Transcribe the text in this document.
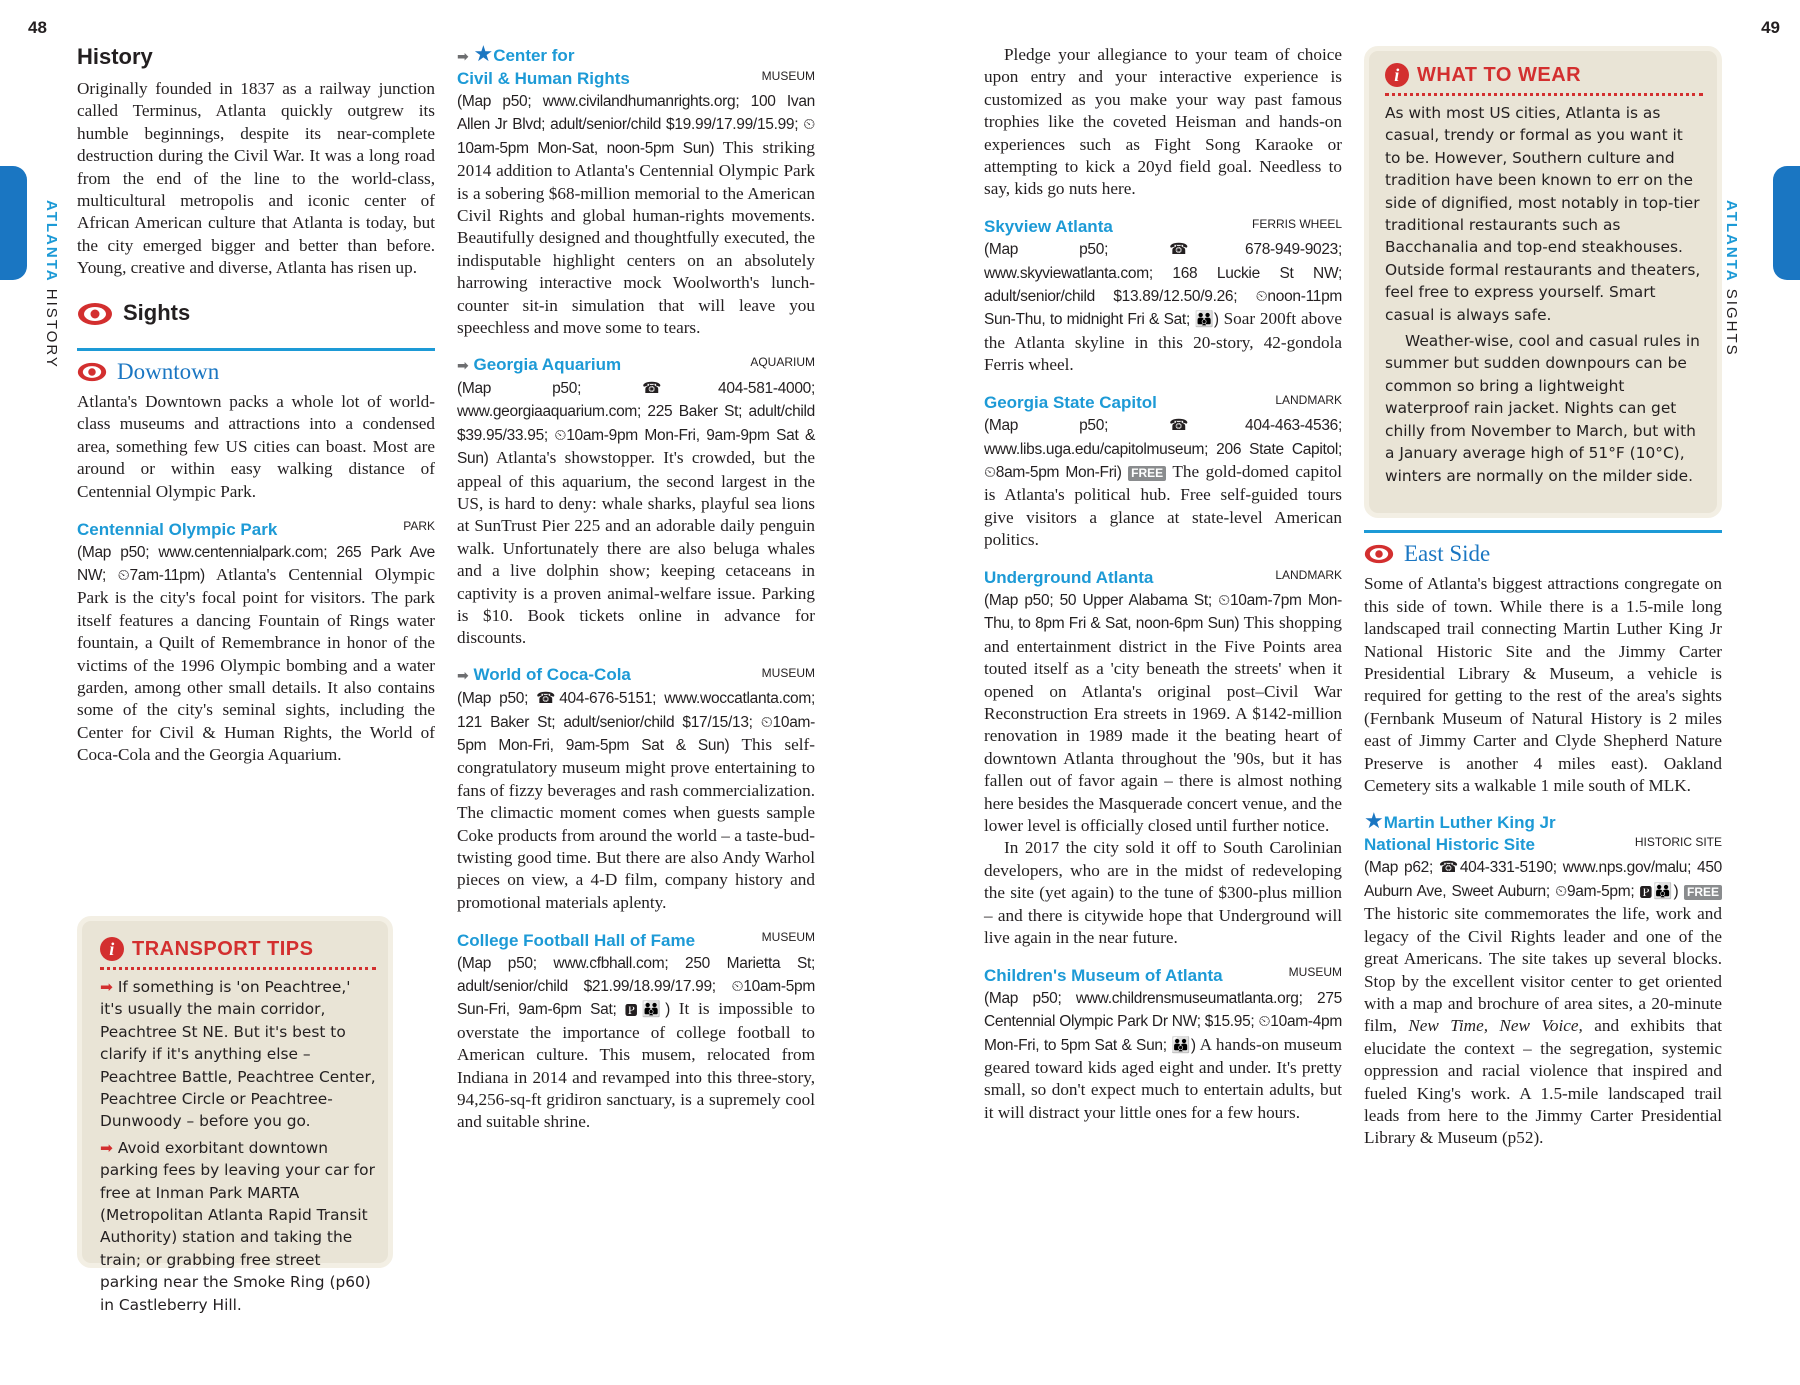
48	49
ATLANTA HISTORY
ATLANTA SIGHTS
History

Originally founded in 1837 as a railway junction called Terminus, Atlanta quickly outgrew its humble beginnings, despite its near-complete destruction during the Civil War. It was a long road from the end of the line to the world-class, multicultural metropolis and iconic center of African American culture that Atlanta is today, but the city emerged bigger and better than before. Young, creative and diverse, Atlanta has risen up.

Sights
Downtown

Atlanta's Downtown packs a whole lot of world-class museums and attractions into a condensed area, something few US cities can boast. Most are around or within easy walking distance of Centennial Olympic Park.

Centennial Olympic Park	PARK

(Map p50; www.centennialpark.com; 265 Park Ave NW; ⏲7am-11pm) Atlanta's Centennial Olympic Park is the city's focal point for visitors. The park itself features a dancing Fountain of Rings water fountain, a Quilt of Remembrance in honor of the victims of the 1996 Olympic bombing and a water garden, among other small details. It also contains some of the city's seminal sights, including the Center for Civil & Human Rights, the World of Coca-Cola and the Georgia Aquarium.

i TRANSPORT TIPS

➡ If something is 'on Peachtree,' it's usually the main corridor, Peachtree St NE. But it's best to clarify if it's anything else – Peachtree Battle, Peachtree Center, Peachtree Circle or Peachtree-Dunwoody – before you go.

➡ Avoid exorbitant downtown parking fees by leaving your car for free at Inman Park MARTA (Metropolitan Atlanta Rapid Transit Authority) station and taking the train; or grabbing free street parking near the Smoke Ring (p60) in Castleberry Hill.

➡ ★Center for
Civil & Human Rights	MUSEUM

(Map p50; www.civilandhumanrights.org; 100 Ivan Allen Jr Blvd; adult/senior/child $19.99/17.99/15.99; ⏲10am-5pm Mon-Sat, noon-5pm Sun) This striking 2014 addition to Atlanta's Centennial Olympic Park is a sobering $68-million memorial to the American Civil Rights and global human-rights movements. Beautifully designed and thoughtfully executed, the indisputable highlight centers on an absolutely harrowing interactive mock Woolworth's lunch-counter sit-in simulation that will leave you speechless and move some to tears.

➡ Georgia Aquarium	AQUARIUM

(Map p50; ☎404-581-4000; www.georgiaaquarium.com; 225 Baker St; adult/child $39.95/33.95; ⏲10am-9pm Mon-Fri, 9am-9pm Sat & Sun) Atlanta's showstopper. It's crowded, but the appeal of this aquarium, the second largest in the US, is hard to deny: whale sharks, playful sea lions at SunTrust Pier 225 and an adorable daily penguin walk. Unfortunately there are also beluga whales and a live dolphin show; keeping cetaceans in captivity is a proven animal-welfare issue. Parking is $10. Book tickets online in advance for discounts.

➡ World of Coca-Cola	MUSEUM

(Map p50; ☎404-676-5151; www.woccatlanta.com; 121 Baker St; adult/senior/child $17/15/13; ⏲10am-5pm Mon-Fri, 9am-5pm Sat & Sun) This self-congratulatory museum might prove entertaining to fans of fizzy beverages and rash commercialization. The climactic moment comes when guests sample Coke products from around the world – a taste-bud-twisting good time. But there are also Andy Warhol pieces on view, a 4-D film, company history and promotional materials aplenty.

College Football Hall of Fame	MUSEUM

(Map p50; www.cfbhall.com; 250 Marietta St; adult/senior/child $21.99/18.99/17.99; ⏲10am-5pm Sun-Fri, 9am-6pm Sat; 🅿👪) It is impossible to overstate the importance of college football to American culture. This musem, relocated from Indiana in 2014 and revamped into this three-story, 94,256-sq-ft gridiron sanctuary, is a supremely cool and suitable shrine.

Pledge your allegiance to your team of choice upon entry and your interactive experience is customized as you make your way past famous trophies like the coveted Heisman and hands-on experiences such as Fight Song Karaoke or attempting to kick a 20yd field goal. Needless to say, kids go nuts here.

Skyview Atlanta	FERRIS WHEEL

(Map p50; ☎678-949-9023; www.skyviewatlanta.com; 168 Luckie St NW; adult/senior/child $13.89/12.50/9.26; ⏲noon-11pm Sun-Thu, to midnight Fri & Sat; 👪) Soar 200ft above the Atlanta skyline in this 20-story, 42-gondola Ferris wheel.

Georgia State Capitol	LANDMARK

(Map p50; ☎404-463-4536; www.libs.uga.edu/capitolmuseum; 206 State Capitol; ⏲8am-5pm Mon-Fri) FREE The gold-domed capitol is Atlanta's political hub. Free self-guided tours give visitors a glance at state-level American politics.

Underground Atlanta	LANDMARK

(Map p50; 50 Upper Alabama St; ⏲10am-7pm Mon-Thu, to 8pm Fri & Sat, noon-6pm Sun) This shopping and entertainment district in the Five Points area touted itself as a 'city beneath the streets' when it opened on Atlanta's original post–Civil War Reconstruction Era streets in 1969. A $142-million renovation in 1989 made it the beating heart of downtown Atlanta throughout the '90s, but it has fallen out of favor again – there is almost nothing here besides the Masquerade concert venue, and the lower level is officially closed until further notice.

In 2017 the city sold it off to South Carolinian developers, who are in the midst of redeveloping the site (yet again) to the tune of $300-plus million – and there is citywide hope that Underground will live again in the near future.

Children's Museum of Atlanta	MUSEUM

(Map p50; www.childrensmuseumatlanta.org; 275 Centennial Olympic Park Dr NW; $15.95; ⏲10am-4pm Mon-Fri, to 5pm Sat & Sun; 👪) A hands-on museum geared toward kids aged eight and under. It's pretty small, so don't expect much to entertain adults, but it will distract your little ones for a few hours.

i WHAT TO WEAR

As with most US cities, Atlanta is as casual, trendy or formal as you want it to be. However, Southern culture and tradition have been known to err on the side of dignified, most notably in top-tier traditional restaurants such as Bacchanalia and top-end steakhouses. Outside formal restaurants and theaters, feel free to express yourself. Smart casual is always safe.

Weather-wise, cool and casual rules in summer but sudden downpours can be common so bring a lightweight waterproof rain jacket. Nights can get chilly from November to March, but with a January average high of 51°F (10°C), winters are normally on the milder side.

East Side

Some of Atlanta's biggest attractions congregate on this side of town. While there is a 1.5-mile long landscaped trail connecting Martin Luther King Jr National Historic Site and the Jimmy Carter Presidential Library & Museum, a vehicle is required for getting to the rest of the area's sights (Fernbank Museum of Natural History is 2 miles east of Jimmy Carter and Clyde Shepherd Nature Preserve is another 4 miles east). Oakland Cemetery sits a walkable 1 mile south of MLK.

★Martin Luther King Jr
National Historic Site	HISTORIC SITE

(Map p62; ☎404-331-5190; www.nps.gov/malu; 450 Auburn Ave, Sweet Auburn; ⏲9am-5pm; 🅿👪) FREE The historic site commemorates the life, work and legacy of the Civil Rights leader and one of the great Americans. The site takes up several blocks. Stop by the excellent visitor center to get oriented with a map and brochure of area sites, a 20-minute film, New Time, New Voice, and exhibits that elucidate the context – the segregation, systemic oppression and racial violence that inspired and fueled King's work. A 1.5-mile landscaped trail leads from here to the Jimmy Carter Presidential Library & Museum (p52).
